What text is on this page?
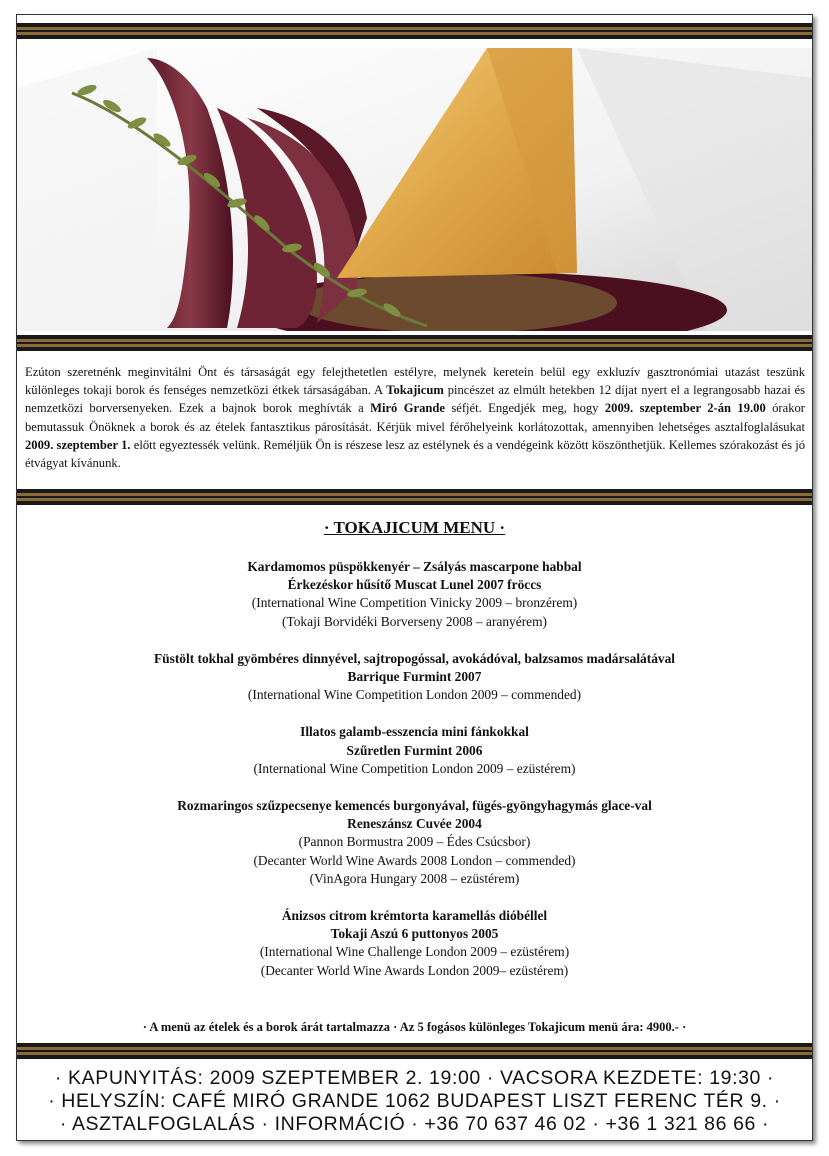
Ezúton szeretnénk meginvitálni Önt és társaságát egy felejthetetlen estélyre, melynek keretein belül egy exkluzív gasztronómiai utazást teszünk különleges tokaji borok és fenséges nemzetközi étkek társaságában. A Tokajicum pincészet az elmúlt hetekben 12 díjat nyert el a legrangosabb hazai és nemzetközi borversenyeken. Ezek a bajnok borok meghívták a Miró Grande séfjét. Engedjék meg, hogy 2009. szeptember 2-án 19.00 órakor bemutassuk Önöknek a borok és az ételek fantasztikus párosítását. Kérjük mivel férőhelyeink korlátozottak, amennyiben lehetséges asztalfoglalásukat 2009. szeptember 1. előtt egyeztessék velünk. Reméljük Ön is részese lesz az estélynek és a vendégeink között köszönthetjük. Kellemes szórakozást és jó étvágyat kívánunk.
· TOKAJICUM MENU ·
Kardamomos püspökkenyér – Zsályás mascarpone habbal
Érkezéskor hűsítő Muscat Lunel 2007 fröccs
(International Wine Competition Vinicky 2009 – bronzérem)
(Tokaji Borvidéki Borverseny 2008 – aranyérem)
Füstölt tokhal gyömbéres dinnyével, sajtropogóssal, avokádóval, balzsamos madársalátával
Barrique Furmint 2007
(International Wine Competition London 2009 – commended)
Illatos galamb-esszencia mini fánkokkal
Szűretlen Furmint 2006
(International Wine Competition London 2009 – ezüstérem)
Rozmaringos szűzpecsenye kemencés burgonyával, fügés-gyöngyhagymás glace-val
Reneszánsz Cuvée 2004
(Pannon Bormustra 2009 – Édes Csúcsbor)
(Decanter World Wine Awards 2008 London – commended)
(VinAgora Hungary 2008 – ezüstérem)
Ánizsos citrom krémtorta karamellás dióbéllel
Tokaji Aszú 6 puttonyos 2005
(International Wine Challenge London 2009 – ezüstérem)
(Decanter World Wine Awards London 2009– ezüstérem)
· A menü az ételek és a borok árát tartalmazza · Az 5 fogásos különleges Tokajicum menü ára: 4900.- ·
· KAPUNYITÁS: 2009 SZEPTEMBER 2. 19:00 · VACSORA KEZDETE: 19:30 ·
· HELYSZÍN: CAFÉ MIRÓ GRANDE 1062 BUDAPEST LISZT FERENC TÉR 9. ·
· ASZTALFOGLALÁS · INFORMÁCIÓ · +36 70 637 46 02 · +36 1 321 86 66 ·
